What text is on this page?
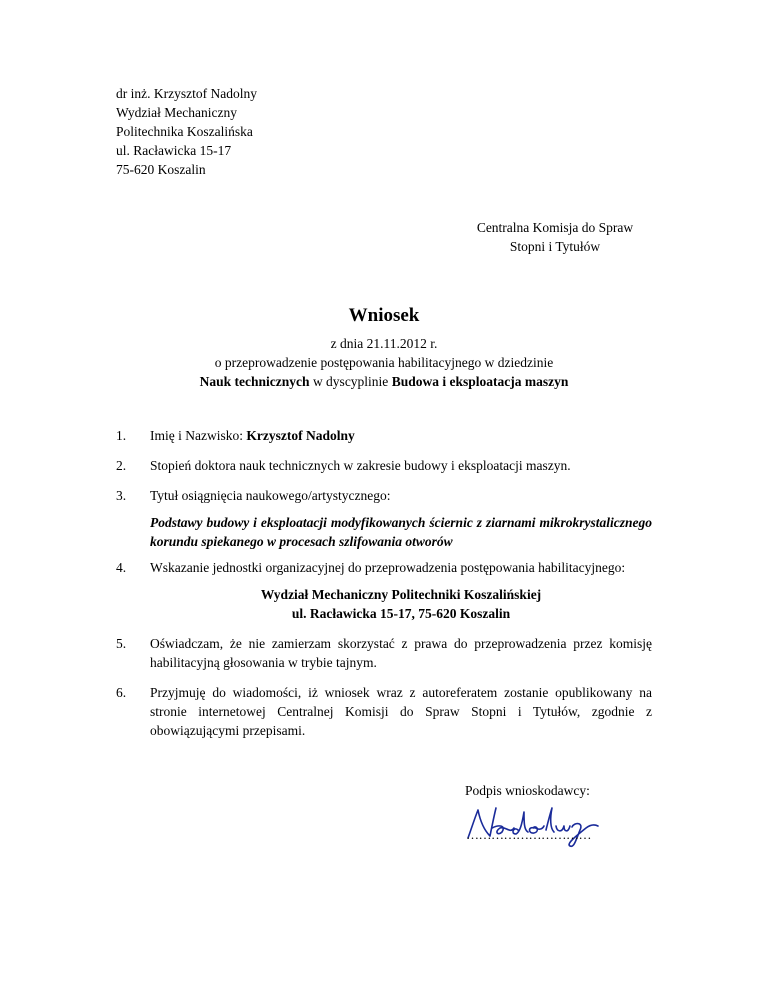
dr inż. Krzysztof Nadolny
Wydział Mechaniczny
Politechnika Koszalińska
ul. Racławicka 15-17
75-620 Koszalin
Centralna Komisja do Spraw
Stopni i Tytułów
Wniosek
z dnia 21.11.2012 r.
o przeprowadzenie postępowania habilitacyjnego w dziedzinie
Nauk technicznych w dyscyplinie Budowa i eksploatacja maszyn
1. Imię i Nazwisko: Krzysztof Nadolny
2. Stopień doktora nauk technicznych w zakresie budowy i eksploatacji maszyn.
3. Tytuł osiągnięcia naukowego/artystycznego:
Podstawy budowy i eksploatacji modyfikowanych ściernic z ziarnami mikrokrystalicznego korundu spiekanego w procesach szlifowania otworów
4. Wskazanie jednostki organizacyjnej do przeprowadzenia postępowania habilitacyjnego:
Wydział Mechaniczny Politechniki Koszalińskiej
ul. Racławicka 15-17, 75-620 Koszalin
5. Oświadczam, że nie zamierzam skorzystać z prawa do przeprowadzenia przez komisję habilitacyjną głosowania w trybie tajnym.
6. Przyjmuję do wiadomości, iż wniosek wraz z autoreferatem zostanie opublikowany na stronie internetowej Centralnej Komisji do Spraw Stopni i Tytułów, zgodnie z obowiązującymi przepisami.
Podpis wnioskodawcy:
…………………………
